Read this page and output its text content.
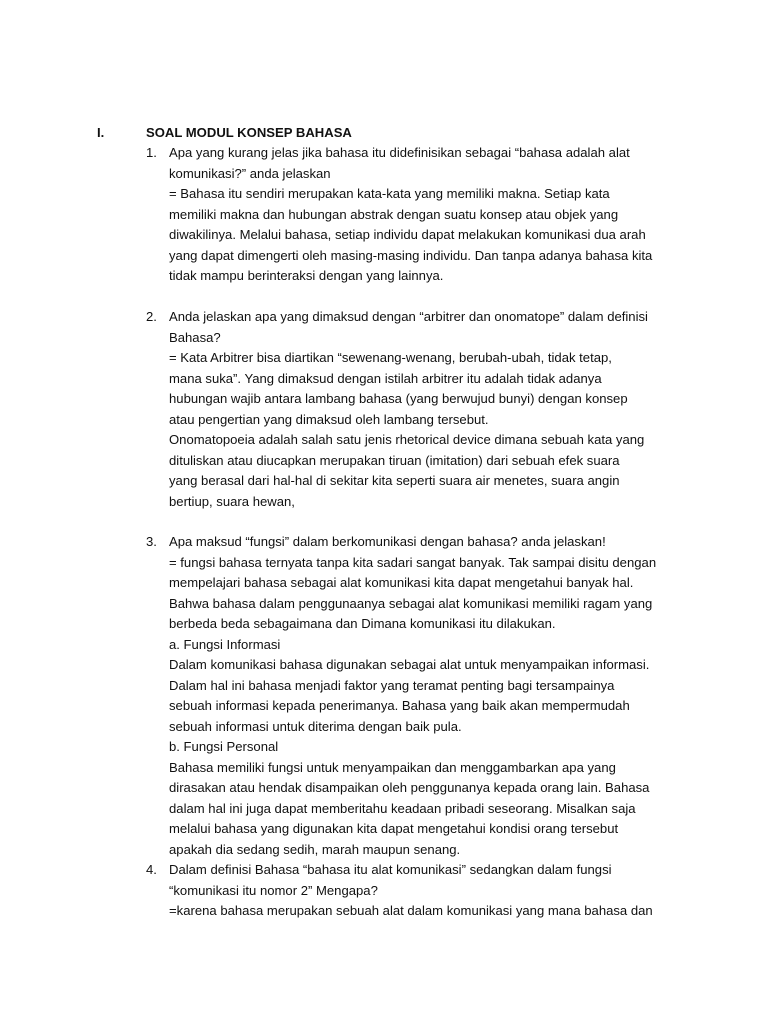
I.	SOAL MODUL KONSEP BAHASA
1. Apa yang kurang jelas jika bahasa itu didefinisikan sebagai “bahasa adalah alat
komunikasi?” anda jelaskan
= Bahasa itu sendiri merupakan kata-kata yang memiliki makna. Setiap kata
memiliki makna dan hubungan abstrak dengan suatu konsep atau objek yang
diwakilinya. Melalui bahasa, setiap individu dapat melakukan komunikasi dua arah
yang dapat dimengerti oleh masing-masing individu. Dan tanpa adanya bahasa kita
tidak mampu berinteraksi dengan yang lainnya.
2. Anda jelaskan apa yang dimaksud dengan “arbitrer dan onomatope” dalam definisi
Bahasa?
= Kata Arbitrer bisa diartikan “sewenang-wenang, berubah-ubah, tidak tetap,
mana suka”. Yang dimaksud dengan istilah arbitrer itu adalah tidak adanya
hubungan wajib antara lambang bahasa (yang berwujud bunyi) dengan konsep
atau pengertian yang dimaksud oleh lambang tersebut.
Onomatopoeia adalah salah satu jenis rhetorical device dimana sebuah kata yang
dituliskan atau diucapkan merupakan tiruan (imitation) dari sebuah efek suara
yang berasal dari hal-hal di sekitar kita seperti suara air menetes, suara angin
bertiup, suara hewan,
3. Apa maksud “fungsi” dalam berkomunikasi dengan bahasa? anda jelaskan!
= fungsi bahasa ternyata tanpa kita sadari sangat banyak. Tak sampai disitu dengan
mempelajari bahasa sebagai alat komunikasi kita dapat mengetahui banyak hal.
Bahwa bahasa dalam penggunaanya sebagai alat komunikasi memiliki ragam yang
berbeda beda sebagaimana dan Dimana komunikasi itu dilakukan.
a. Fungsi Informasi
Dalam komunikasi bahasa digunakan sebagai alat untuk menyampaikan informasi.
Dalam hal ini bahasa menjadi faktor yang teramat penting bagi tersampainya
sebuah informasi kepada penerimanya. Bahasa yang baik akan mempermudah
sebuah informasi untuk diterima dengan baik pula.
b. Fungsi Personal
Bahasa memiliki fungsi untuk menyampaikan dan menggambarkan apa yang
dirasakan atau hendak disampaikan oleh penggunanya kepada orang lain. Bahasa
dalam hal ini juga dapat memberitahu keadaan pribadi seseorang. Misalkan saja
melalui bahasa yang digunakan kita dapat mengetahui kondisi orang tersebut
apakah dia sedang sedih, marah maupun senang.
4. Dalam definisi Bahasa “bahasa itu alat komunikasi” sedangkan dalam fungsi
“komunikasi itu nomor 2” Mengapa?
=karena bahasa merupakan sebuah alat dalam komunikasi yang mana bahasa dan
